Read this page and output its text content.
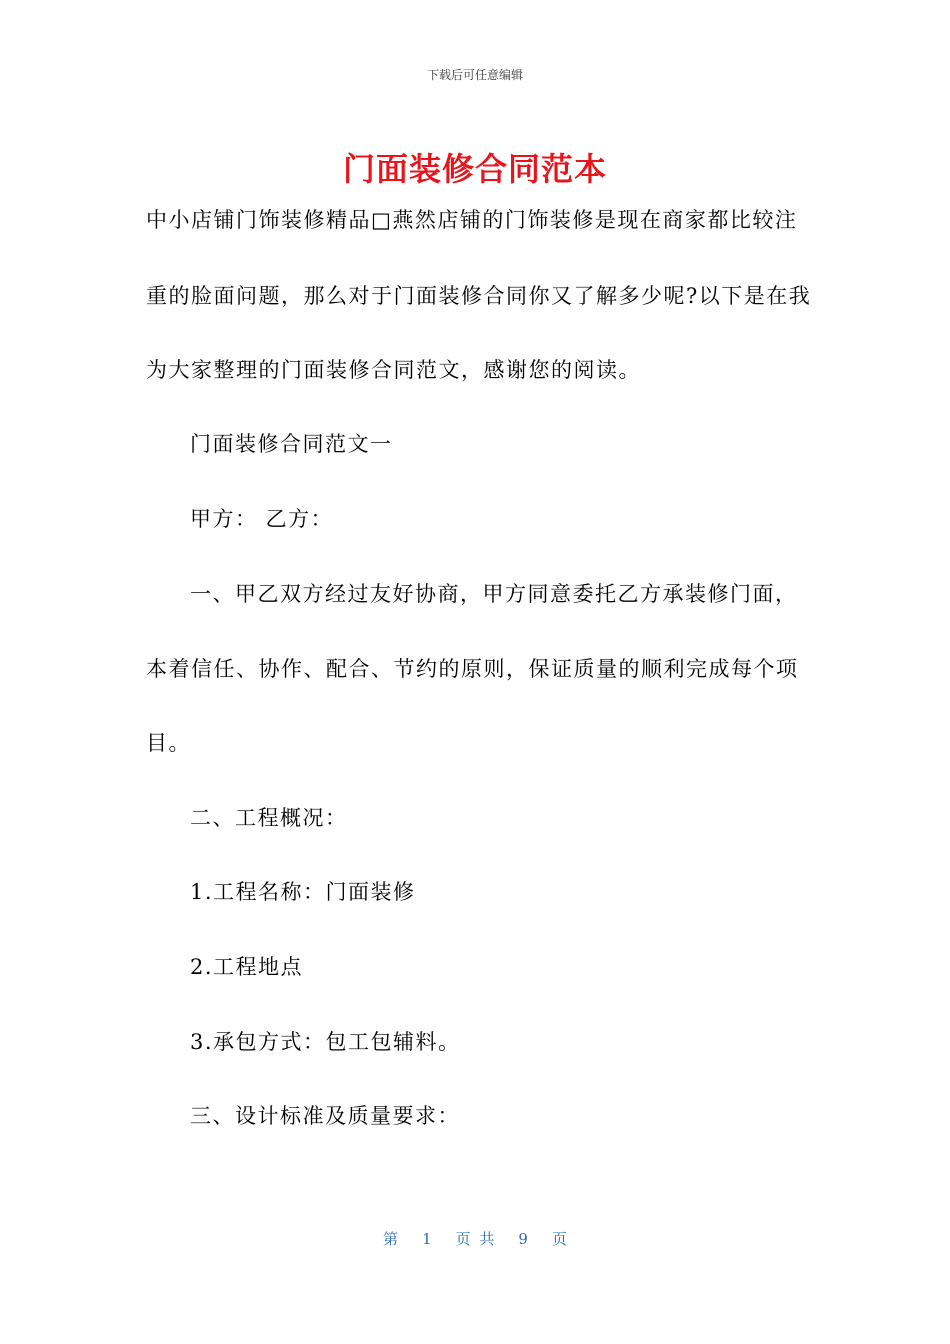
下载后可任意编辑
门面装修合同范本
中小店铺门饰装修精品□燕然店铺的门饰装修是现在商家都比较注
重的脸面问题，那么对于门面装修合同你又了解多少呢?以下是在我
为大家整理的门面装修合同范文，感谢您的阅读。
门面装修合同范文一
甲方： 乙方：
一、甲乙双方经过友好协商，甲方同意委托乙方承装修门面，
本着信任、协作、配合、节约的原则，保证质量的顺利完成每个项
目。
二、工程概况：
1.工程名称：门面装修
2.工程地点
3.承包方式：包工包辅料。
三、设计标准及质量要求：
第 1 页 共 9 页
